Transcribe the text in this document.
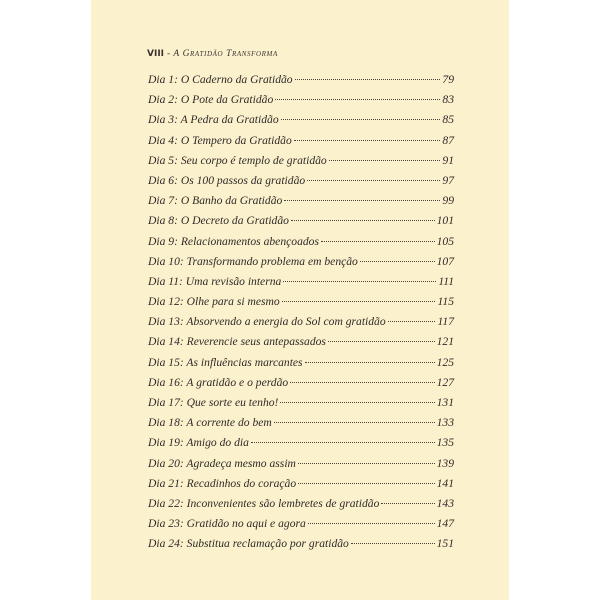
VIII - A Gratidão Transforma
Dia 1: O Caderno da Gratidão	79
Dia 2: O Pote da Gratidão	83
Dia 3: A Pedra da Gratidão	85
Dia 4: O Tempero da Gratidão	87
Dia 5: Seu corpo é templo de gratidão	91
Dia 6: Os 100 passos da gratidão	97
Dia 7: O Banho da Gratidão	99
Dia 8: O Decreto da Gratidão	101
Dia 9: Relacionamentos abençoados	105
Dia 10: Transformando problema em benção	107
Dia 11: Uma revisão interna	111
Dia 12: Olhe para si mesmo	115
Dia 13: Absorvendo a energia do Sol com gratidão	117
Dia 14: Reverencie seus antepassados	121
Dia 15: As influências marcantes	125
Dia 16: A gratidão e o perdão	127
Dia 17: Que sorte eu tenho!	131
Dia 18: A corrente do bem	133
Dia 19: Amigo do dia	135
Dia 20: Agradeça mesmo assim	139
Dia 21: Recadinhos do coração	141
Dia 22: Inconvenientes são lembretes de gratidão	143
Dia 23: Gratidão no aqui e agora	147
Dia 24: Substitua reclamação por gratidão	151
